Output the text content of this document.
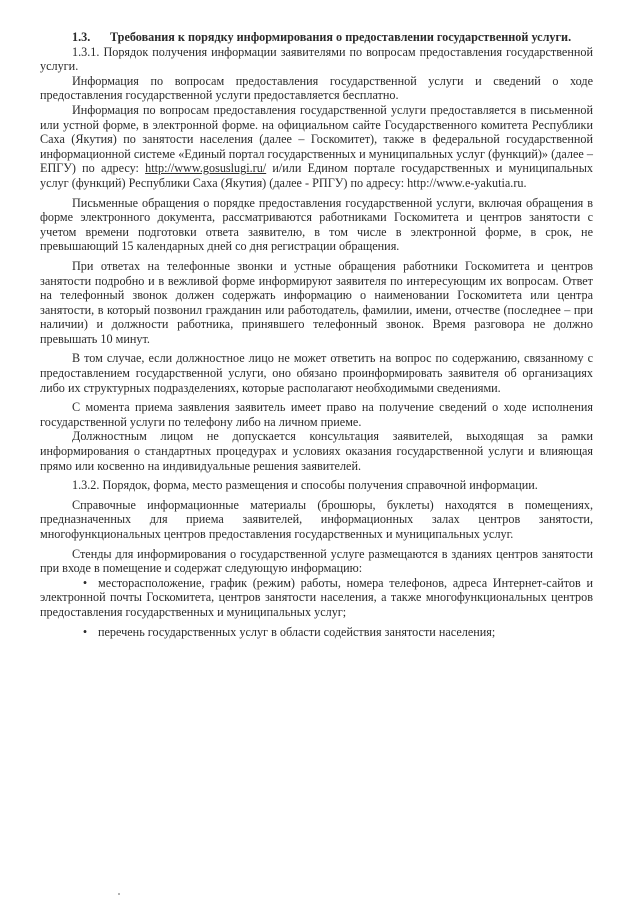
1.3. Требования к порядку информирования о предоставлении государственной услуги.

1.3.1. Порядок получения информации заявителями по вопросам предоставления государственной услуги.

Информация по вопросам предоставления государственной услуги и сведений о ходе предоставления государственной услуги предоставляется бесплатно.

Информация по вопросам предоставления государственной услуги предоставляется в письменной или устной форме, в электронной форме. на официальном сайте Государственного комитета Республики Саха (Якутия) по занятости населения (далее – Госкомитет), также в федеральной государственной информационной системе «Единый портал государственных и муниципальных услуг (функций)» (далее – ЕПГУ) по адресу: http://www.gosuslugi.ru/ и/или Едином портале государственных и муниципальных услуг (функций) Республики Саха (Якутия) (далее - РПГУ) по адресу: http://www.e-yakutia.ru.

Письменные обращения о порядке предоставления государственной услуги, включая обращения в форме электронного документа, рассматриваются работниками Госкомитета и центров занятости с учетом времени подготовки ответа заявителю, в том числе в электронной форме, в срок, не превышающий 15 календарных дней со дня регистрации обращения.

При ответах на телефонные звонки и устные обращения работники Госкомитета и центров занятости подробно и в вежливой форме информируют заявителя по интересующим их вопросам. Ответ на телефонный звонок должен содержать информацию о наименовании Госкомитета или центра занятости, в который позвонил гражданин или работодатель, фамилии, имени, отчестве (последнее – при наличии) и должности работника, принявшего телефонный звонок. Время разговора не должно превышать 10 минут.

В том случае, если должностное лицо не может ответить на вопрос по содержанию, связанному с предоставлением государственной услуги, оно обязано проинформировать заявителя об организациях либо их структурных подразделениях, которые располагают необходимыми сведениями.

С момента приема заявления заявитель имеет право на получение сведений о ходе исполнения государственной услуги по телефону либо на личном приеме.

Должностным лицом не допускается консультация заявителей, выходящая за рамки информирования о стандартных процедурах и условиях оказания государственной услуги и влияющая прямо или косвенно на индивидуальные решения заявителей.

1.3.2. Порядок, форма, место размещения и способы получения справочной информации.

Справочные информационные материалы (брошюры, буклеты) находятся в помещениях, предназначенных для приема заявителей, информационных залах центров занятости, многофункциональных центров предоставления государственных и муниципальных услуг.

Стенды для информирования о государственной услуге размещаются в зданиях центров занятости при входе в помещение и содержат следующую информацию:

• месторасположение, график (режим) работы, номера телефонов, адреса Интернет-сайтов и электронной почты Госкомитета, центров занятости населения, а также многофункциональных центров предоставления государственных и муниципальных услуг;

• перечень государственных услуг в области содействия занятости населения;
